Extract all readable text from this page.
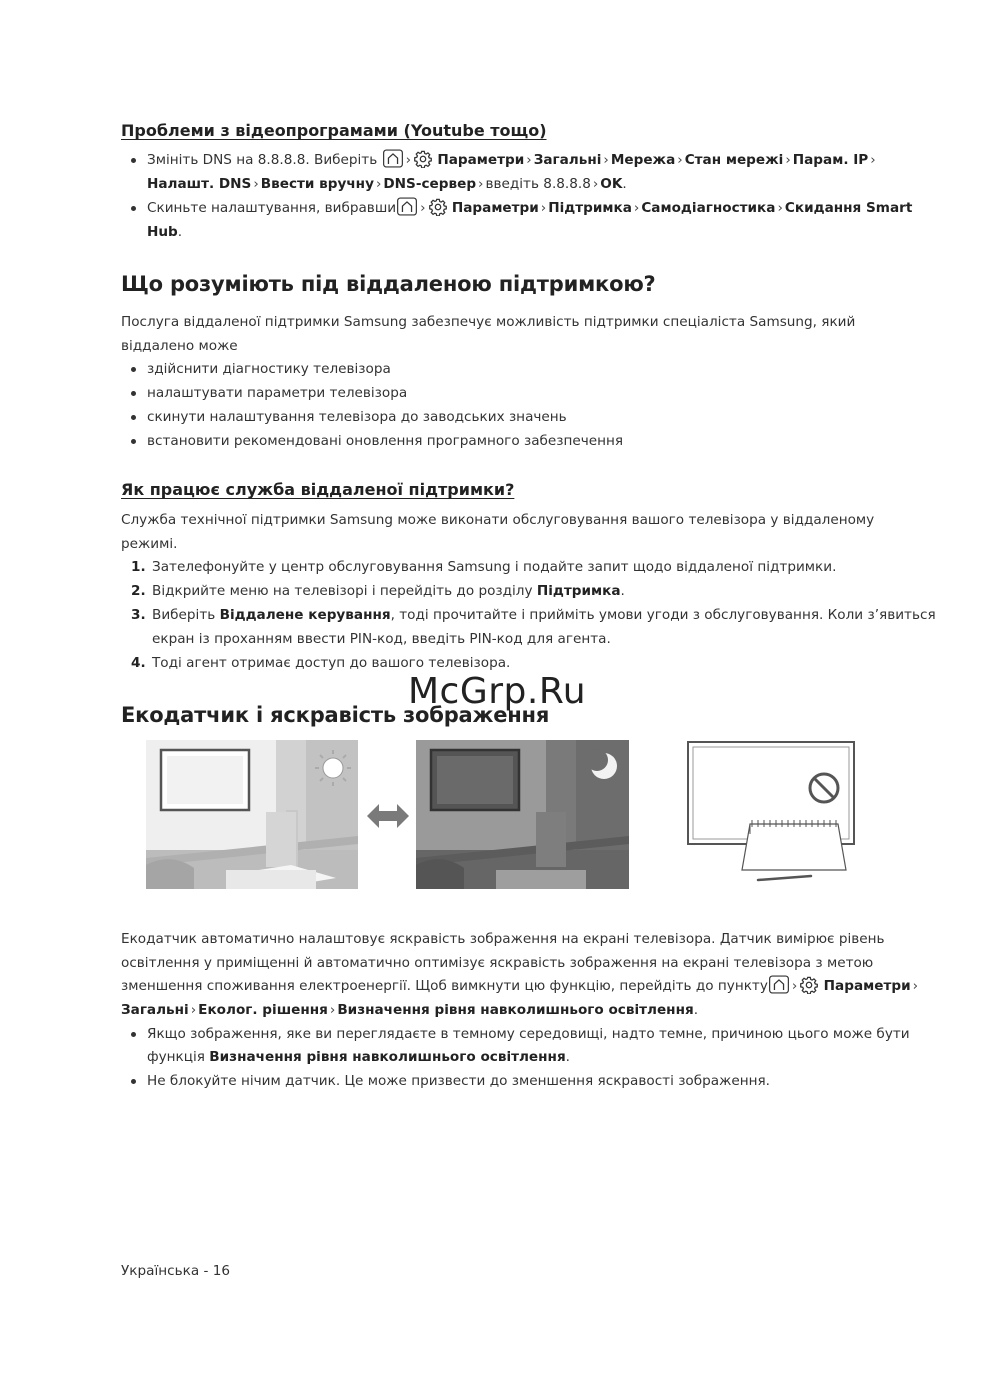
Проблеми з відеопрограмами (Youtube тощо)
Змініть DNS на 8.8.8.8. Виберіть › Параметри › Загальні › Мережа › Стан мережі › Парам. IP ›
Налашт. DNS › Ввести вручну › DNS-сервер › введіть 8.8.8.8 › OK.
Скиньте налаштування, вибравши › Параметри › Підтримка › Самодіагностика › Скидання Smart
Hub.
Що розуміють під віддаленою підтримкою?
Послуга віддаленої підтримки Samsung забезпечує можливість підтримки спеціаліста Samsung, який
віддалено може
здійснити діагностику телевізора
налаштувати параметри телевізора
скинути налаштування телевізора до заводських значень
встановити рекомендовані оновлення програмного забезпечення
Як працює служба віддаленої підтримки?
Служба технічної підтримки Samsung може виконати обслуговування вашого телевізора у віддаленому
режимі.
1. Зателефонуйте у центр обслуговування Samsung і подайте запит щодо віддаленої підтримки.
2. Відкрийте меню на телевізорі і перейдіть до розділу Підтримка.
3. Виберіть Віддалене керування, тоді прочитайте і прийміть умови угоди з обслуговування. Коли з’явиться
екран із проханням ввести PIN-код, введіть PIN-код для агента.
4. Тоді агент отримає доступ до вашого телевізора.
Екодатчик і яскравість зображення
McGrp.Ru
Екодатчик автоматично налаштовує яскравість зображення на екрані телевізора. Датчик вимірює рівень
освітлення у приміщенні й автоматично оптимізує яскравість зображення на екрані телевізора з метою
зменшення споживання електроенергії. Щоб вимкнути цю функцію, перейдіть до пункту › Параметри ›
Загальні › Еколог. рішення › Визначення рівня навколишнього освітлення.
Якщо зображення, яке ви переглядаєте в темному середовищі, надто темне, причиною цього може бути
функція Визначення рівня навколишнього освітлення.
Не блокуйте нічим датчик. Це може призвести до зменшення яскравості зображення.
Українська - 16
